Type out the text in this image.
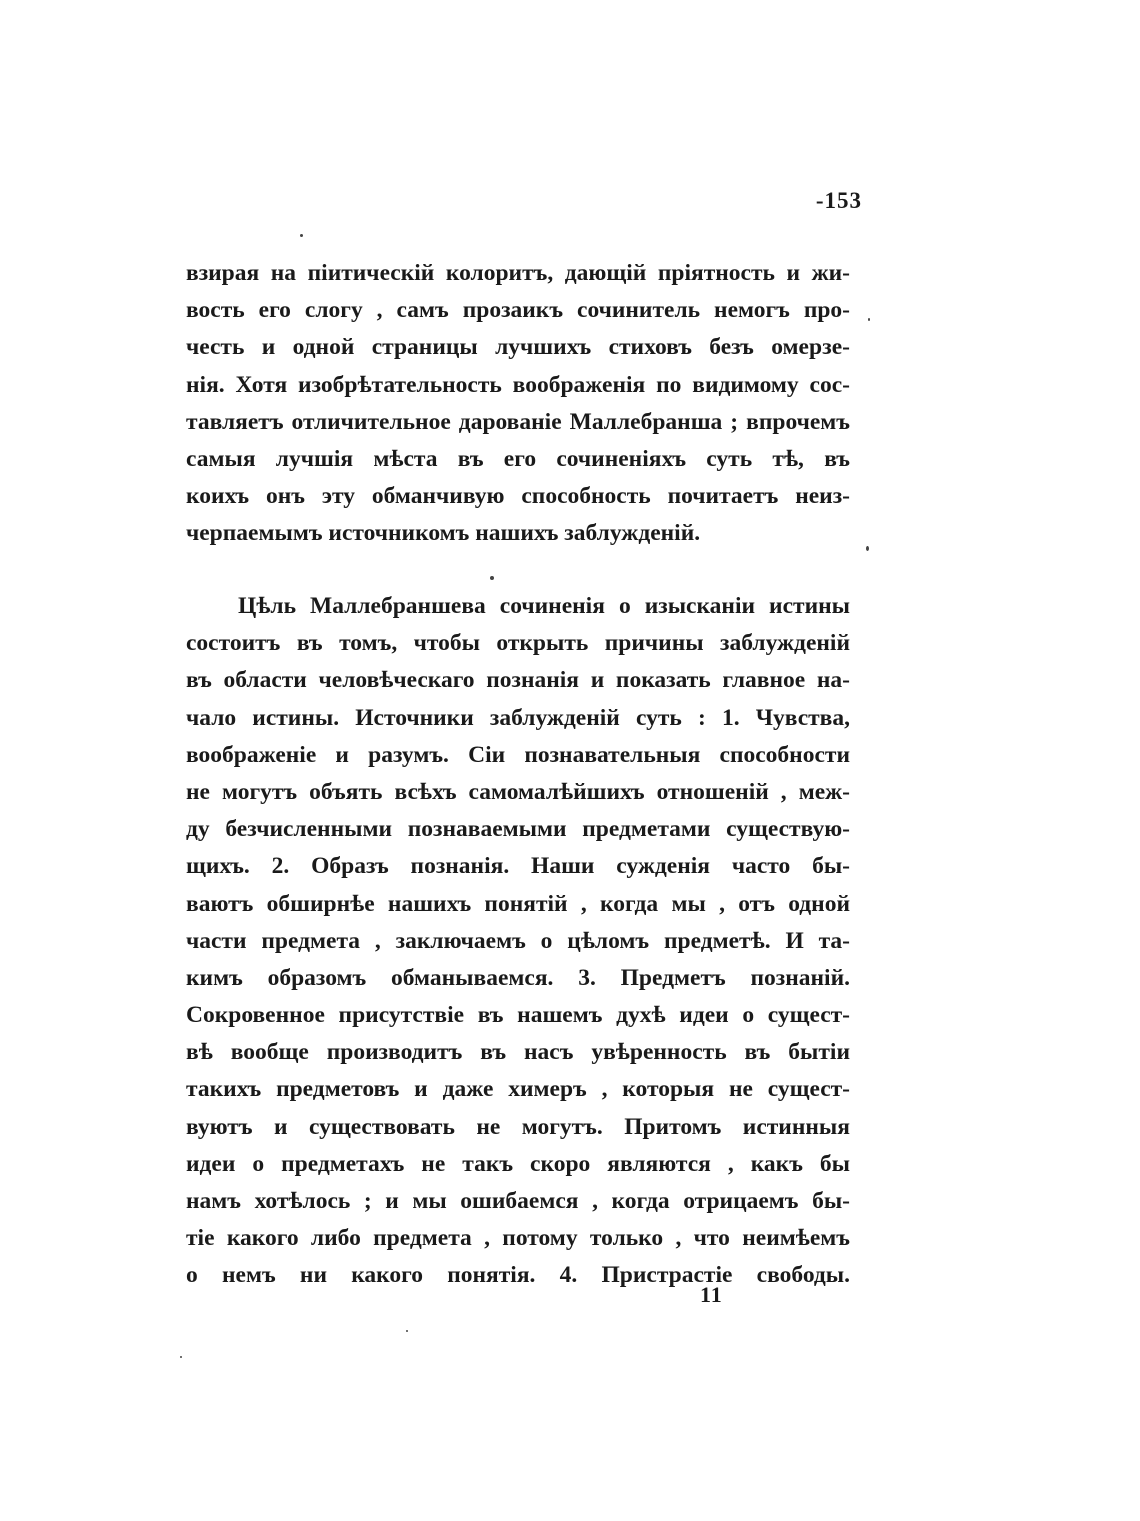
-153
взирая на пiитическiй колоритъ, дающiй прiятность и жи-
вость его слогу , самъ прозаикъ сочинитель немогъ про-
честь и одной страницы лучшихъ стиховъ безъ омерзе-
нiя. Хотя изобрѣтательность воображенiя по видимому сос-
тавляетъ отличительное дарованiе Маллебранша ; впрочемъ
самыя лучшiя мѣста въ его сочиненiяхъ суть тѣ, въ
коихъ онъ эту обманчивую способность почитаетъ неиз-
черпаемымъ источникомъ нашихъ заблужденiй.
Цѣль Маллебраншева сочиненiя о изысканiи истины
состоитъ въ томъ, чтобы открыть причины заблужденiй
въ области человѣческаго познанiя и показать главное на-
чало истины. Источники заблужденiй суть : 1. Чувства,
воображенiе и разумъ. Сiи познавательныя способности
не могутъ объять всѣхъ самомалѣйшихъ отношенiй , меж-
ду безчисленными познаваемыми предметами существую-
щихъ. 2. Образъ познанiя. Наши сужденiя часто бы-
ваютъ обширнѣе нашихъ понятiй , когда мы , отъ одной
части предмета , заключаемъ о цѣломъ предметѣ. И та-
кимъ образомъ обманываемся. 3. Предметъ познанiй.
Сокровенное присутствiе въ нашемъ духѣ идеи о сущест-
вѣ вообще производитъ въ насъ увѣренность въ бытiи
такихъ предметовъ и даже химеръ , которыя не сущест-
вуютъ и существовать не могутъ. Притомъ истинныя
идеи о предметахъ не такъ скоро являются , какъ бы
намъ хотѣлось ; и мы ошибаемся , когда отрицаемъ бы-
тiе какого либо предмета , потому только , что неимѣемъ
о немъ ни какого понятiя. 4. Пристрастiе свободы.
11
